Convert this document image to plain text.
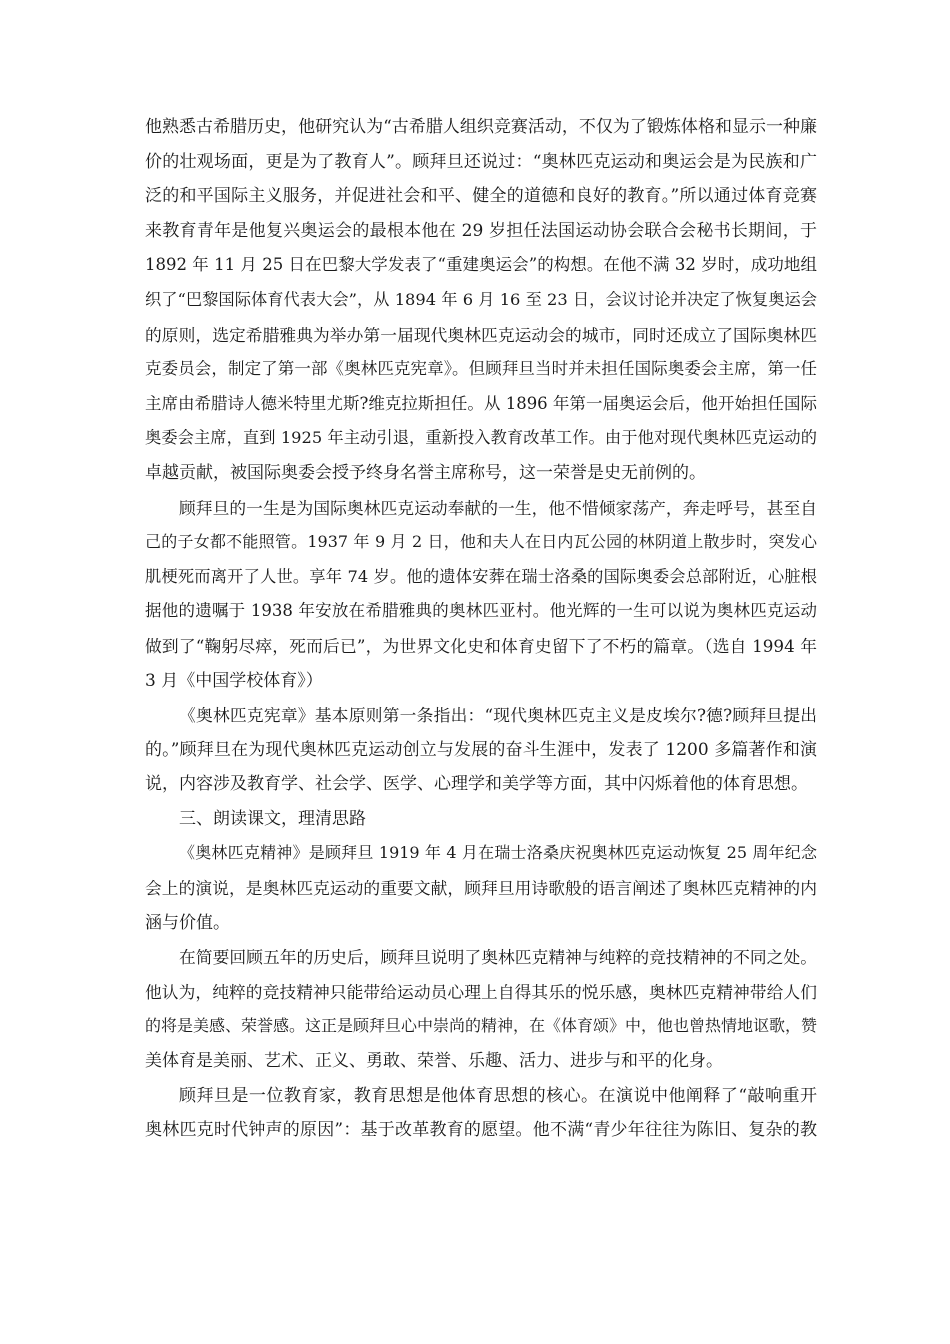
他熟悉古希腊历史，他研究认为“古希腊人组织竞赛活动，不仅为了锻炼体格和显示一种廉
价的壮观场面，更是为了教育人”。顾拜旦还说过：“奥林匹克运动和奥运会是为民族和广
泛的和平国际主义服务，并促进社会和平、健全的道德和良好的教育。”所以通过体育竞赛
来教育青年是他复兴奥运会的最根本他在 29 岁担任法国运动协会联合会秘书长期间，于
1892 年 11 月 25 日在巴黎大学发表了“重建奥运会”的构想。在他不满 32 岁时，成功地组
织了“巴黎国际体育代表大会”，从 1894 年 6 月 16 至 23 日，会议讨论并决定了恢复奥运会
的原则，选定希腊雅典为举办第一届现代奥林匹克运动会的城市，同时还成立了国际奥林匹
克委员会，制定了第一部《奥林匹克宪章》。但顾拜旦当时并未担任国际奥委会主席，第一任
主席由希腊诗人德米特里尤斯?维克拉斯担任。从 1896 年第一届奥运会后，他开始担任国际
奥委会主席，直到 1925 年主动引退，重新投入教育改革工作。由于他对现代奥林匹克运动的
卓越贡献，被国际奥委会授予终身名誉主席称号，这一荣誉是史无前例的。
顾拜旦的一生是为国际奥林匹克运动奉献的一生，他不惜倾家荡产，奔走呼号，甚至自
己的子女都不能照管。1937 年 9 月 2 日，他和夫人在日内瓦公园的林阴道上散步时，突发心
肌梗死而离开了人世。享年 74 岁。他的遗体安葬在瑞士洛桑的国际奥委会总部附近，心脏根
据他的遗嘱于 1938 年安放在希腊雅典的奥林匹亚村。他光辉的一生可以说为奥林匹克运动
做到了“鞠躬尽瘁，死而后已”，为世界文化史和体育史留下了不朽的篇章。（选自 1994 年
3 月《中国学校体育》）
《奥林匹克宪章》基本原则第一条指出：“现代奥林匹克主义是皮埃尔?德?顾拜旦提出
的。”顾拜旦在为现代奥林匹克运动创立与发展的奋斗生涯中，发表了 1200 多篇著作和演
说，内容涉及教育学、社会学、医学、心理学和美学等方面，其中闪烁着他的体育思想。
三、朗读课文，理清思路
《奥林匹克精神》是顾拜旦 1919 年 4 月在瑞士洛桑庆祝奥林匹克运动恢复 25 周年纪念
会上的演说，是奥林匹克运动的重要文献，顾拜旦用诗歌般的语言阐述了奥林匹克精神的内
涵与价值。
在简要回顾五年的历史后，顾拜旦说明了奥林匹克精神与纯粹的竞技精神的不同之处。
他认为，纯粹的竞技精神只能带给运动员心理上自得其乐的悦乐感，奥林匹克精神带给人们
的将是美感、荣誉感。这正是顾拜旦心中崇尚的精神，在《体育颂》中，他也曾热情地讴歌，赞
美体育是美丽、艺术、正义、勇敢、荣誉、乐趣、活力、进步与和平的化身。
顾拜旦是一位教育家，教育思想是他体育思想的核心。在演说中他阐释了“敲响重开
奥林匹克时代钟声的原因”：基于改革教育的愿望。他不满“青少年往往为陈旧、复杂的教
